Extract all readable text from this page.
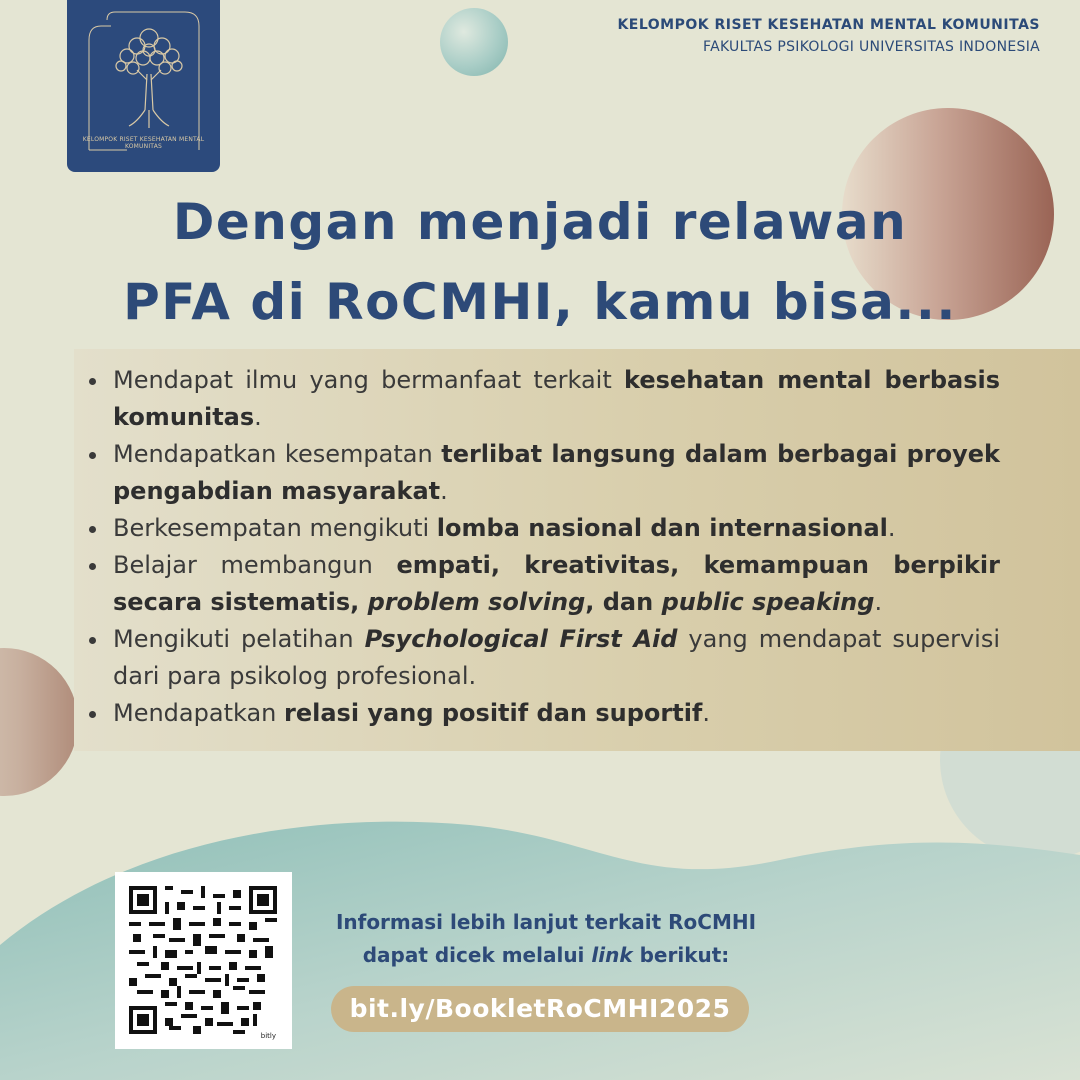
KELOMPOK RISET KESEHATAN MENTAL KOMUNITAS
KELOMPOK RISET KESEHATAN MENTAL KOMUNITAS
FAKULTAS PSIKOLOGI UNIVERSITAS INDONESIA
Dengan menjadi relawan
PFA di RoCMHI, kamu bisa...
Mendapat ilmu yang bermanfaat terkait kesehatan mental berbasis komunitas.
Mendapatkan kesempatan terlibat langsung dalam berbagai proyek pengabdian masyarakat.
Berkesempatan mengikuti lomba nasional dan internasional.
Belajar membangun empati, kreativitas, kemampuan berpikir secara sistematis, problem solving, dan public speaking.
Mengikuti pelatihan Psychological First Aid yang mendapat supervisi dari para psikolog profesional.
Mendapatkan relasi yang positif dan suportif.
bitly
Informasi lebih lanjut terkait RoCMHI
dapat dicek melalui link berikut:
bit.ly/BookletRoCMHI2025
